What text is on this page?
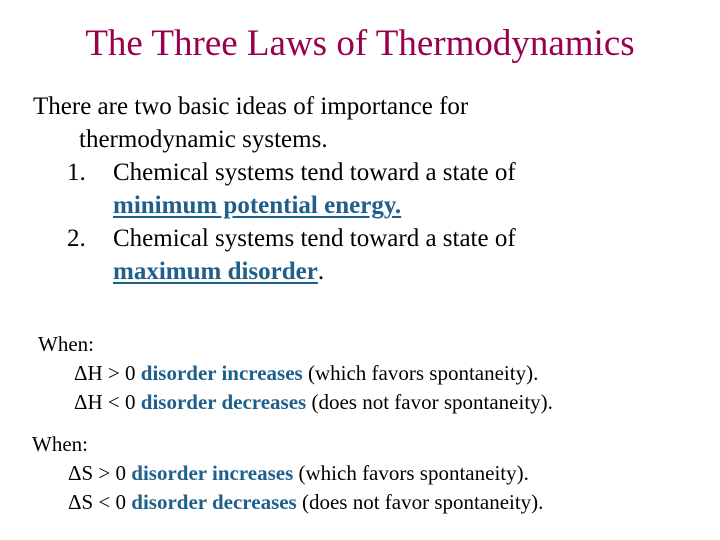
The Three Laws of Thermodynamics
There are two basic ideas of importance for
thermodynamic systems.
1. Chemical systems tend toward a state of
minimum potential energy.
2. Chemical systems tend toward a state of
maximum disorder.
When:
ΔH > 0 disorder increases (which favors spontaneity).
ΔH < 0 disorder decreases (does not favor spontaneity).
When:
ΔS > 0 disorder increases (which favors spontaneity).
ΔS < 0 disorder decreases (does not favor spontaneity).
